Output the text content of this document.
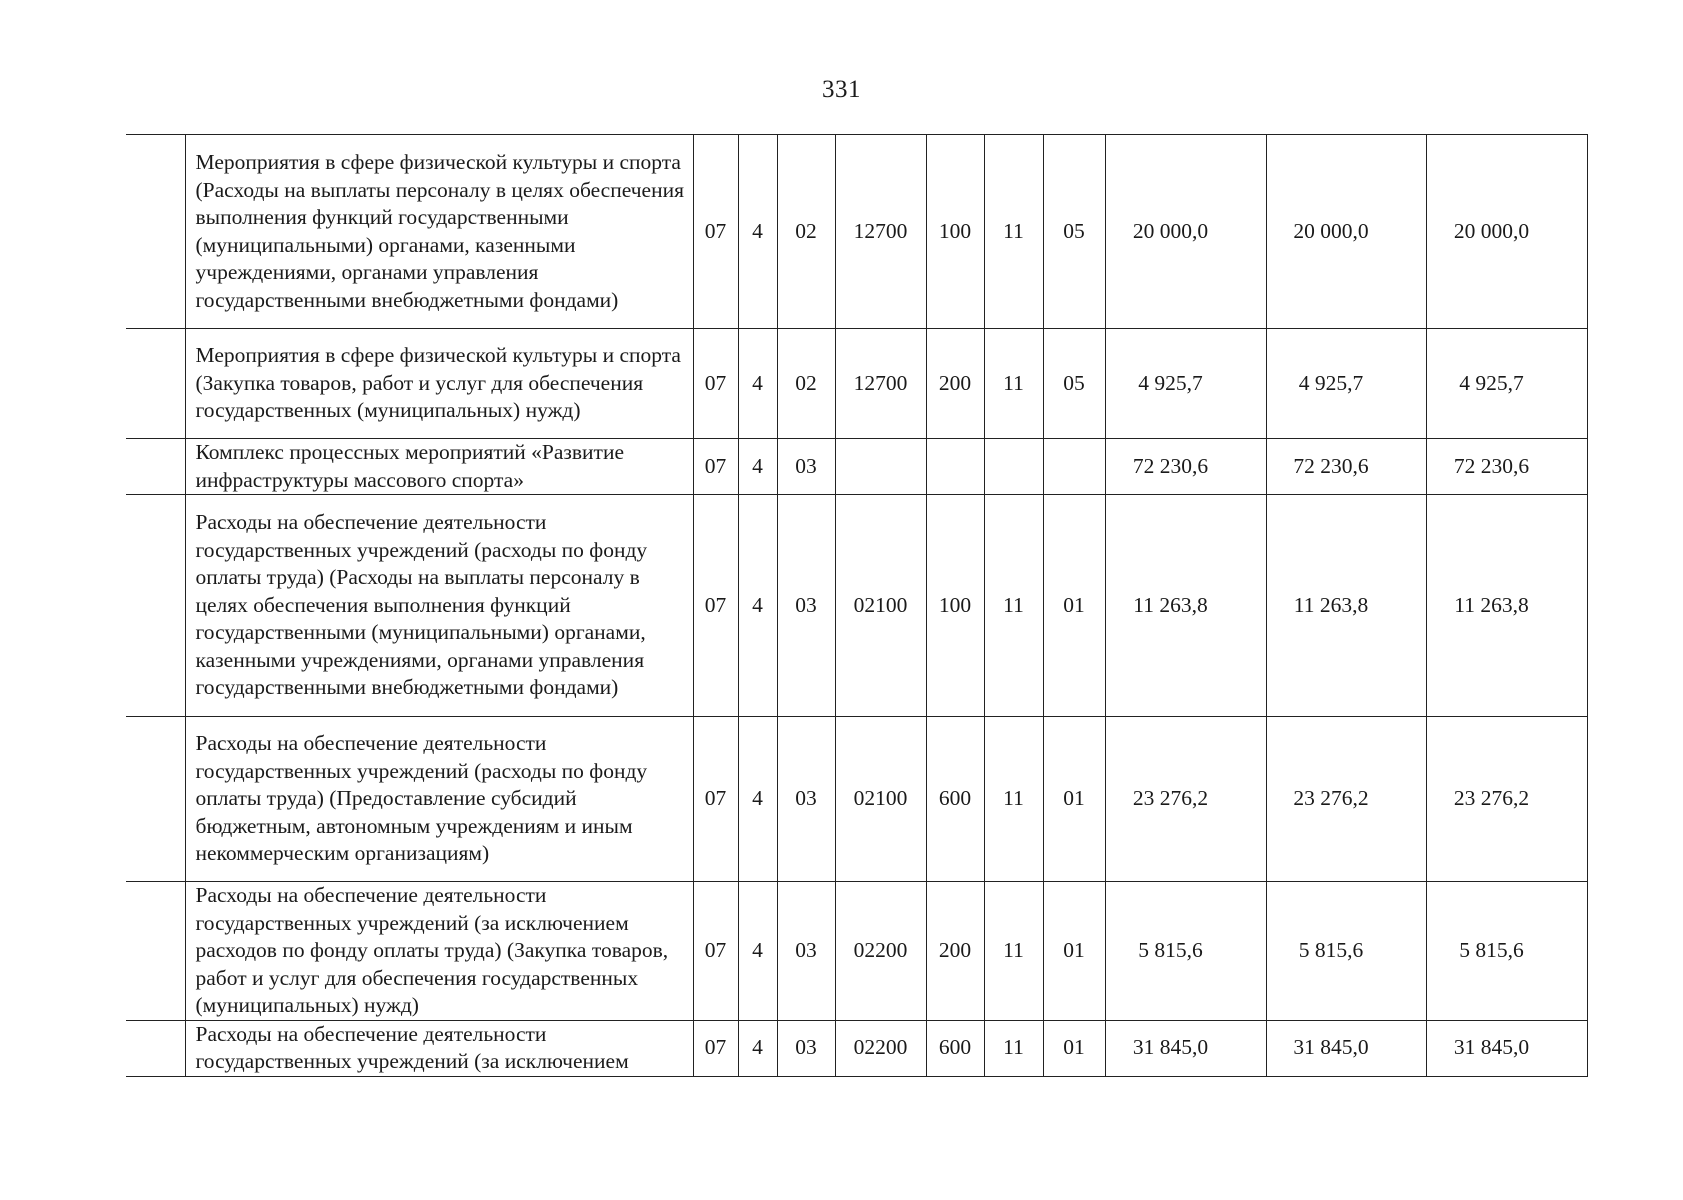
331
	Мероприятия в сфере физической культуры и спорта (Расходы на выплаты персоналу в целях обеспечения выполнения функций государственными (муниципальными) органами, казенными учреждениями, органами управления государственными внебюджетными фондами)	07	4	02	12700	100	11	05	20 000,0	20 000,0	20 000,0
	Мероприятия в сфере физической культуры и спорта (Закупка товаров, работ и услуг для обеспечения государственных (муниципальных) нужд)	07	4	02	12700	200	11	05	4 925,7	4 925,7	4 925,7
	Комплекс процессных мероприятий «Развитие инфраструктуры массового спорта»	07	4	03					72 230,6	72 230,6	72 230,6
	Расходы на обеспечение деятельности государственных учреждений (расходы по фонду оплаты труда) (Расходы на выплаты персоналу в целях обеспечения выполнения функций государственными (муниципальными) органами, казенными учреждениями, органами управления государственными внебюджетными фондами)	07	4	03	02100	100	11	01	11 263,8	11 263,8	11 263,8
	Расходы на обеспечение деятельности государственных учреждений (расходы по фонду оплаты труда) (Предоставление субсидий бюджетным, автономным учреждениям и иным некоммерческим организациям)	07	4	03	02100	600	11	01	23 276,2	23 276,2	23 276,2
	Расходы на обеспечение деятельности государственных учреждений (за исключением расходов по фонду оплаты труда) (Закупка товаров, работ и услуг для обеспечения государственных (муниципальных) нужд)	07	4	03	02200	200	11	01	5 815,6	5 815,6	5 815,6
	Расходы на обеспечение деятельности государственных учреждений (за исключением	07	4	03	02200	600	11	01	31 845,0	31 845,0	31 845,0
